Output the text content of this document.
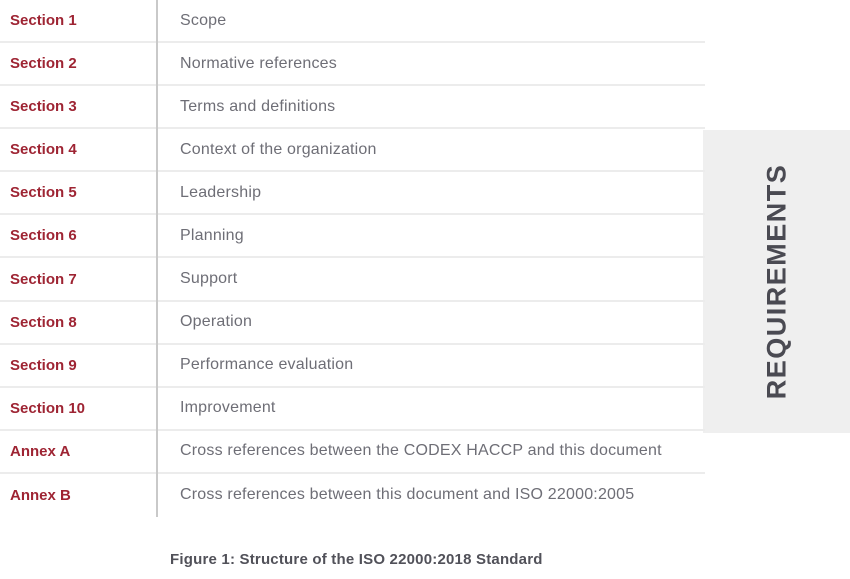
REQUIREMENTS
Section 1	Scope
Section 2	Normative references
Section 3	Terms and definitions
Section 4	Context of the organization
Section 5	Leadership
Section 6	Planning
Section 7	Support
Section 8	Operation
Section 9	Performance evaluation
Section 10	Improvement
Annex A	Cross references between the CODEX HACCP and this document
Annex B	Cross references between this document and ISO 22000:2005
Figure 1: Structure of the ISO 22000:2018 Standard
